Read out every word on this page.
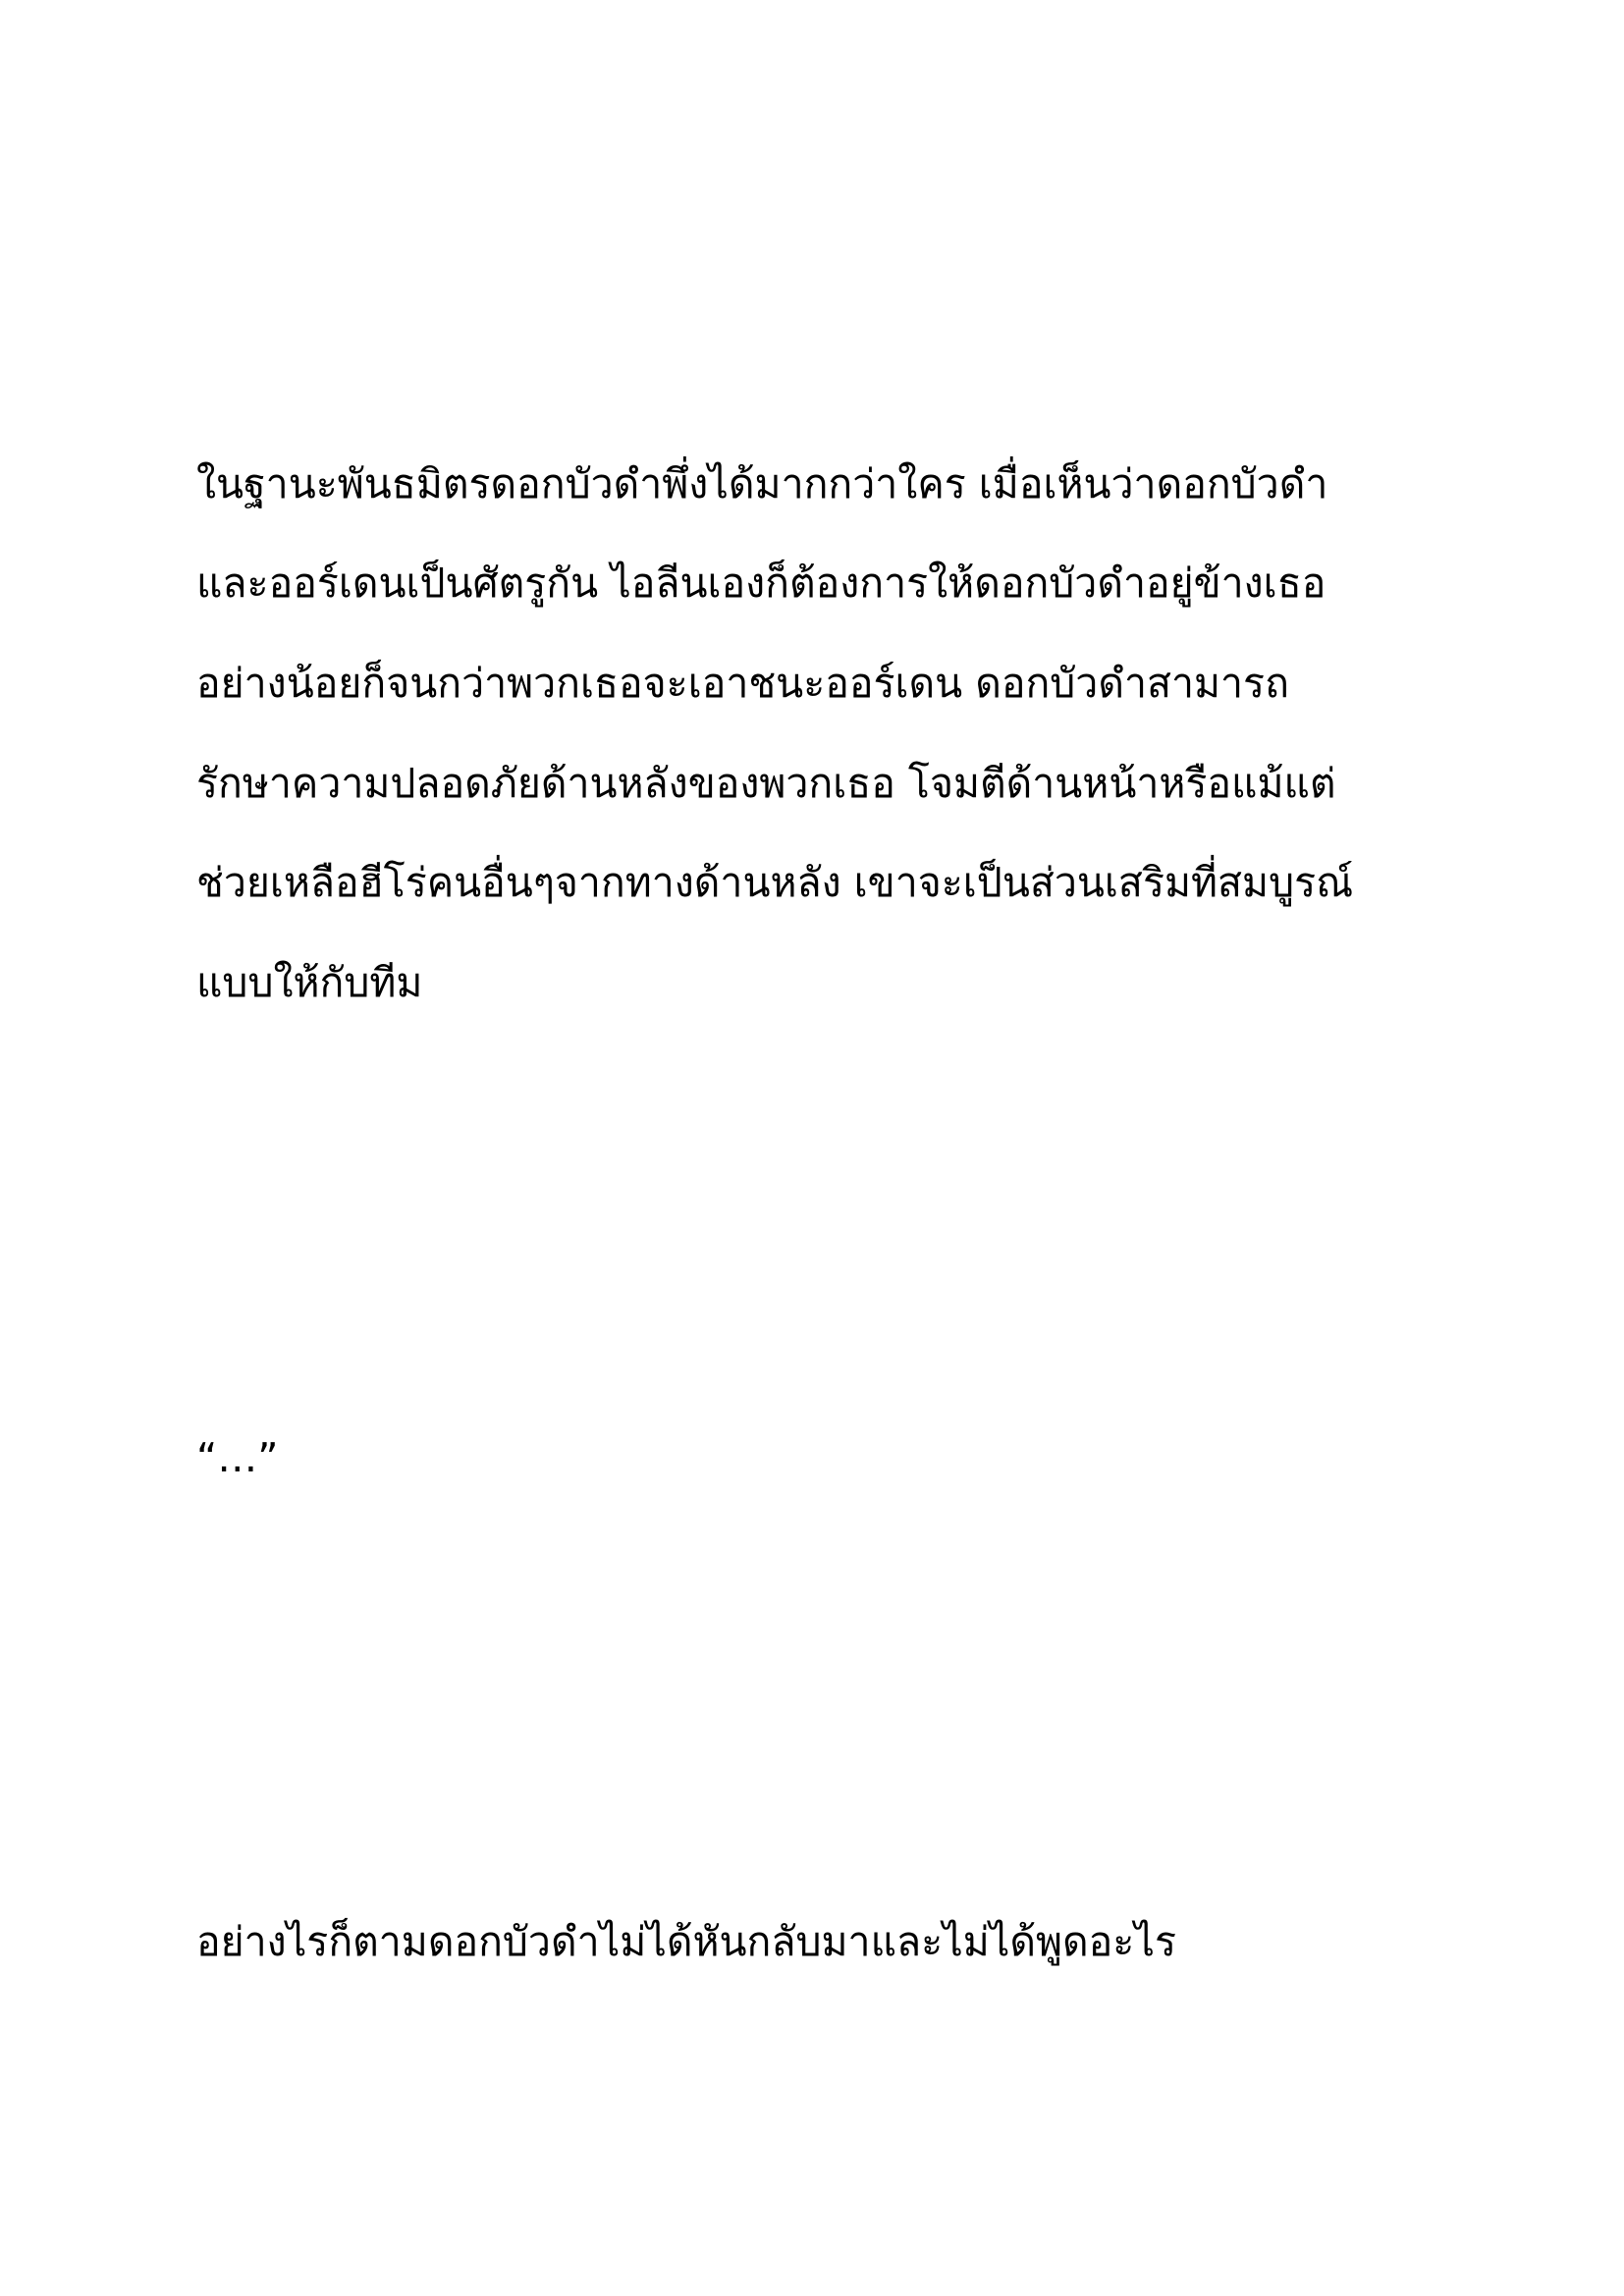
ในฐานะพันธมิตรดอกบัวดำพึ่งได้มากกว่าใคร เมื่อเห็นว่าดอกบัวดำ

และออร์เดนเป็นศัตรูกัน ไอลีนเองก็ต้องการให้ดอกบัวดำอยู่ข้างเธอ

อย่างน้อยก็จนกว่าพวกเธอจะเอาชนะออร์เดน ดอกบัวดำสามารถ

รักษาความปลอดภัยด้านหลังของพวกเธอ โจมตีด้านหน้าหรือแม้แต่

ช่วยเหลือฮีโร่คนอื่นๆจากทางด้านหลัง เขาจะเป็นส่วนเสริมที่สมบูรณ์

แบบให้กับทีม

“…”

อย่างไรก็ตามดอกบัวดำไม่ได้หันกลับมาและไม่ได้พูดอะไร
